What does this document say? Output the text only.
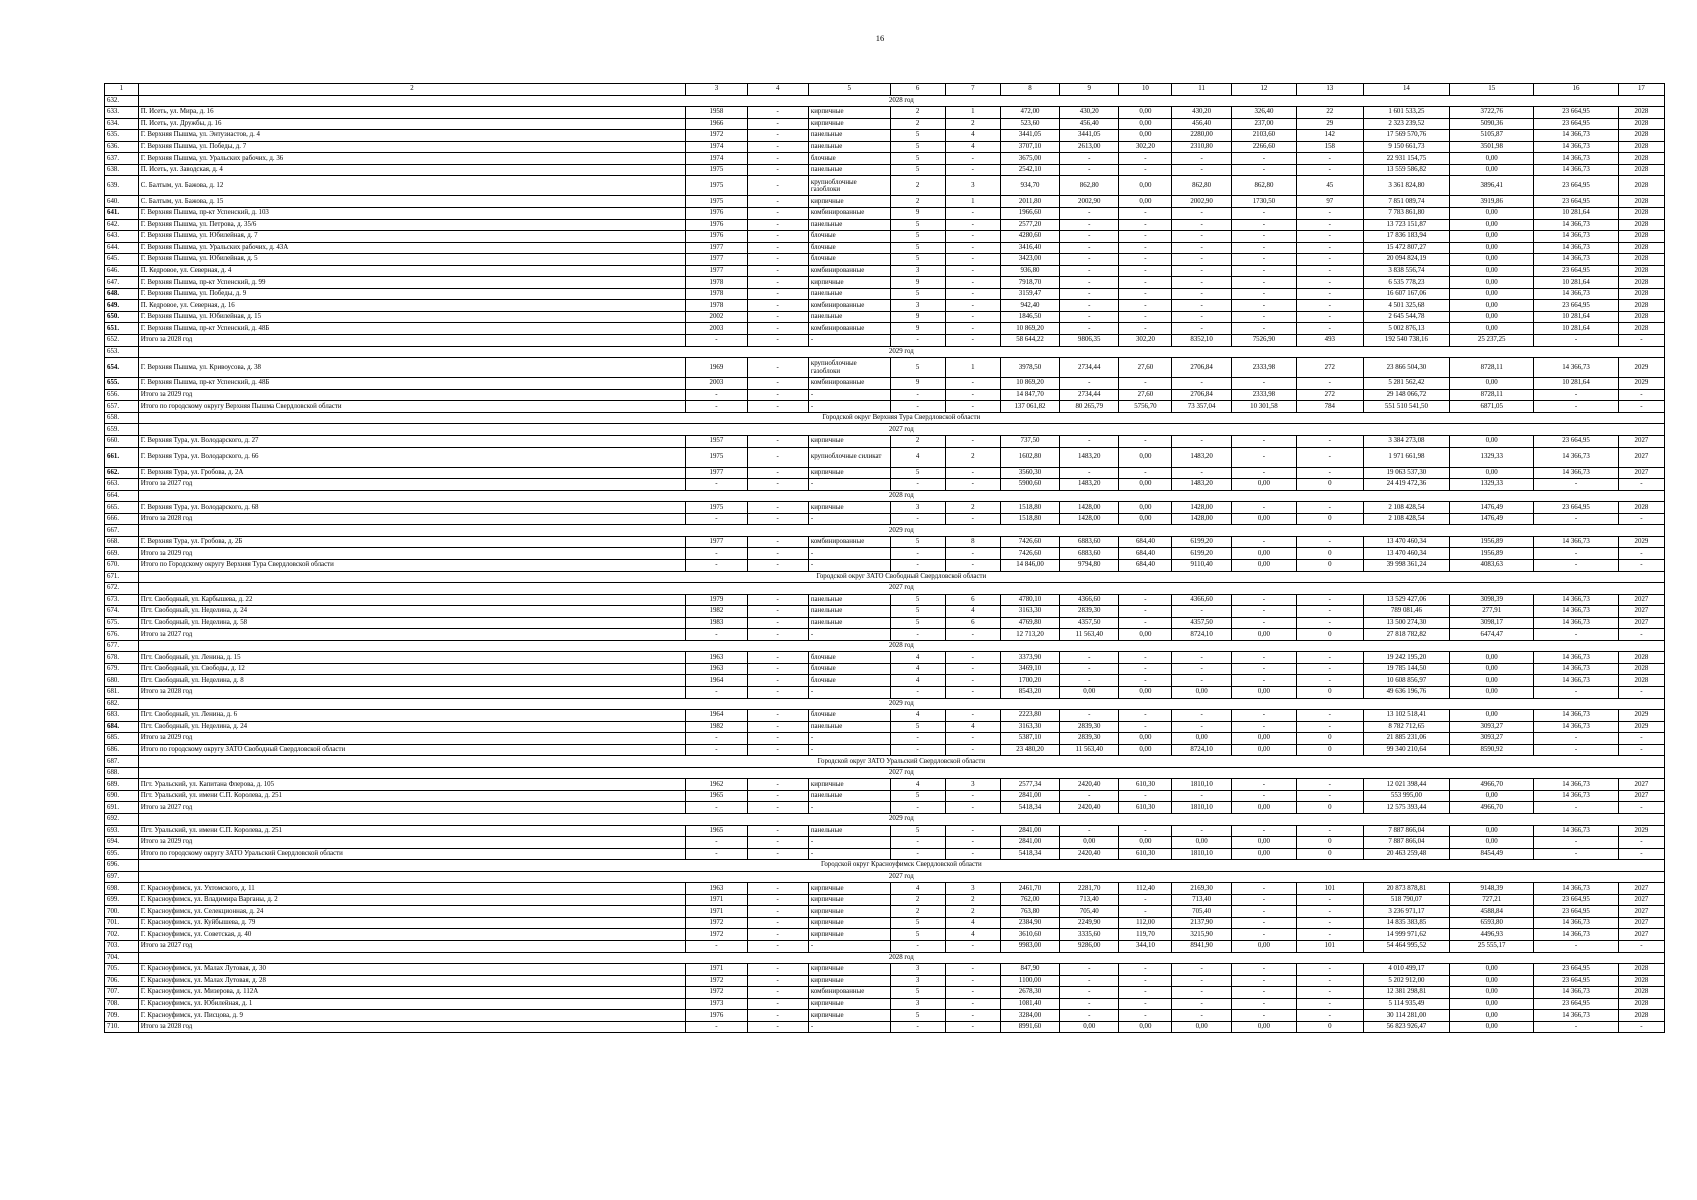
16
1	2	3	4	5	6	7	8	9	10	11	12	13	14	15	16	17
632.	2028 год															
633.	П. Исеть, ул. Мира, д. 16	1958	-	кирпичные	2	1	472,00	430,20	0,00	430,20	326,40	22	1 601 533,25	3722,76	23 664,95	2028
634.	П. Исеть, ул. Дружбы, д. 16	1966	-	кирпичные	2	2	523,60	456,40	0,00	456,40	237,00	29	2 323 239,52	5090,36	23 664,95	2028
635.	Г. Верхняя Пышма, ул. Энтузиастов, д. 4	1972	-	панельные	5	4	3441,05	3441,05	0,00	2280,00	2103,60	142	17 569 570,76	5105,87	14 366,73	2028
636.	Г. Верхняя Пышма, ул. Победы, д. 7	1974	-	панельные	5	4	3707,10	2613,00	302,20	2310,80	2266,60	158	9 150 661,73	3501,98	14 366,73	2028
637.	Г. Верхняя Пышма, ул. Уральских рабочих, д. 36	1974	-	блочные	5	-	3675,00	-	-	-	-	-	22 931 154,75	0,00	14 366,73	2028
638.	П. Исеть, ул. Заводская, д. 4	1975	-	панельные	5	-	2542,10	-	-	-	-	-	13 559 586,82	0,00	14 366,73	2028
639.	С. Балтым, ул. Бажова, д. 12	1975	-	крупноблочные газоблоки	2	3	934,70	862,80	0,00	862,80	862,80	45	3 361 824,80	3896,41	23 664,95	2028
640.	С. Балтым, ул. Бажова, д. 15	1975	-	кирпичные	2	1	2011,80	2002,90	0,00	2002,90	1730,50	97	7 851 089,74	3919,86	23 664,95	2028
641.	Г. Верхняя Пышма, пр-кт Успенский, д. 103	1976	-	комбинированные	9	-	1966,60	-	-	-	-	-	7 783 861,80	0,00	10 281,64	2028
642.	Г. Верхняя Пышма, ул. Петрова, д. 35/6	1976	-	панельные	5	-	2577,20	-	-	-	-	-	13 723 151,87	0,00	14 366,73	2028
643.	Г. Верхняя Пышма, ул. Юбилейная, д. 7	1976	-	блочные	5	-	4280,60	-	-	-	-	-	17 836 183,94	0,00	14 366,73	2028
644.	Г. Верхняя Пышма, ул. Уральских рабочих, д. 43А	1977	-	блочные	5	-	3416,40	-	-	-	-	-	15 472 807,27	0,00	14 366,73	2028
645.	Г. Верхняя Пышма, ул. Юбилейная, д. 5	1977	-	блочные	5	-	3423,00	-	-	-	-	-	20 094 824,19	0,00	14 366,73	2028
646.	П. Кедровое, ул. Северная, д. 4	1977	-	комбинированные	3	-	936,80	-	-	-	-	-	3 838 556,74	0,00	23 664,95	2028
647.	Г. Верхняя Пышма, пр-кт Успенский, д. 99	1978	-	кирпичные	9	-	7918,70	-	-	-	-	-	6 535 778,23	0,00	10 281,64	2028
648.	Г. Верхняя Пышма, ул. Победы, д. 9	1978	-	панельные	5	-	3159,47	-	-	-	-	-	16 607 167,06	0,00	14 366,73	2028
649.	П. Кедровое, ул. Северная, д. 16	1978	-	комбинированные	3	-	942,40	-	-	-	-	-	4 501 325,68	0,00	23 664,95	2028
650.	Г. Верхняя Пышма, ул. Юбилейная, д. 15	2002	-	панельные	9	-	1846,50	-	-	-	-	-	2 645 544,78	0,00	10 281,64	2028
651.	Г. Верхняя Пышма, пр-кт Успенский, д. 48Б	2003	-	комбинированные	9	-	10 869,20	-	-	-	-	-	5 002 876,13	0,00	10 281,64	2028
652.	Итого за 2028 год	-	-	-	-	-	58 644,22	9806,35	302,20	8352,10	7526,90	493	192 540 738,16	25 237,25	-	-
653.	2029 год															
654.	Г. Верхняя Пышма, ул. Кривоусова, д. 38	1969	-	крупноблочные газоблоки	5	1	3978,50	2734,44	27,60	2706,84	2333,98	272	23 866 504,30	8728,11	14 366,73	2029
655.	Г. Верхняя Пышма, пр-кт Успенский, д. 48Б	2003	-	комбинированные	9	-	10 869,20	-	-	-	-	-	5 281 562,42	0,00	10 281,64	2029
656.	Итого за 2029 год	-	-	-	-	-	14 847,70	2734,44	27,60	2706,84	2333,98	272	29 148 066,72	8728,11	-	-
657.	Итого по городскому округу Верхняя Пышма Свердловской области	-	-	-	-	-	137 061,82	80 265,79	5756,70	73 357,04	10 301,58	784	551 510 541,50	6871,05	-	-
658.	Городской округ Верхняя Тура Свердловской области															
659.	2027 год															
660.	Г. Верхняя Тура, ул. Володарского, д. 27	1957	-	кирпичные	2	-	737,50	-	-	-	-	-	3 384 273,08	0,00	23 664,95	2027
661.	Г. Верхняя Тура, ул. Володарского, д. 66	1975	-	крупноблочные силикат	4	2	1602,80	1483,20	0,00	1483,20	-	-	1 971 661,98	1329,33	14 366,73	2027
662.	Г. Верхняя Тура, ул. Гробова, д. 2А	1977	-	кирпичные	5	-	3560,30	-	-	-	-	-	19 063 537,30	0,00	14 366,73	2027
663.	Итого за 2027 год	-	-	-	-	-	5900,60	1483,20	0,00	1483,20	0,00	0	24 419 472,36	1329,33	-	-
664.	2028 год															
665.	Г. Верхняя Тура, ул. Володарского, д. 68	1975	-	кирпичные	3	2	1518,80	1428,00	0,00	1428,00	-	-	2 108 428,54	1476,49	23 664,95	2028
666.	Итого за 2028 год	-	-	-	-	-	1518,80	1428,00	0,00	1428,00	0,00	0	2 108 428,54	1476,49	-	-
667.	2029 год															
668.	Г. Верхняя Тура, ул. Гробова, д. 2Б	1977	-	комбинированные	5	8	7426,60	6883,60	684,40	6199,20	-	-	13 470 460,34	1956,89	14 366,73	2029
669.	Итого за 2029 год	-	-	-	-	-	7426,60	6883,60	684,40	6199,20	0,00	0	13 470 460,34	1956,89	-	-
670.	Итого по Городскому округу Верхняя Тура Свердловской области	-	-	-	-	-	14 846,00	9794,80	684,40	9110,40	0,00	0	39 998 361,24	4083,63	-	-
671.	Городской округ ЗАТО Свободный Свердловской области															
672.	2027 год															
673.	Пгт. Свободный, ул. Карбышева, д. 22	1979	-	панельные	5	6	4780,10	4366,60	-	4366,60	-	-	13 529 427,06	3098,39	14 366,73	2027
674.	Пгт. Свободный, ул. Неделина, д. 24	1982	-	панельные	5	4	3163,30	2839,30	-	-	-	-	789 081,46	277,91	14 366,73	2027
675.	Пгт. Свободный, ул. Неделина, д. 58	1983	-	панельные	5	6	4769,80	4357,50	-	4357,50	-	-	13 500 274,30	3098,17	14 366,73	2027
676.	Итого за 2027 год	-	-	-	-	-	12 713,20	11 563,40	0,00	8724,10	0,00	0	27 818 782,82	6474,47	-	-
677.	2028 год															
678.	Пгт. Свободный, ул. Ленина, д. 15	1963	-	блочные	4	-	3373,90	-	-	-	-	-	19 242 195,20	0,00	14 366,73	2028
679.	Пгт. Свободный, ул. Свободы, д. 12	1963	-	блочные	4	-	3469,10	-	-	-	-	-	19 785 144,50	0,00	14 366,73	2028
680.	Пгт. Свободный, ул. Неделина, д. 8	1964	-	блочные	4	-	1700,20	-	-	-	-	-	10 608 856,97	0,00	14 366,73	2028
681.	Итого за 2028 год	-	-	-	-	-	8543,20	0,00	0,00	0,00	0,00	0	49 636 196,76	0,00	-	-
682.	2029 год															
683.	Пгт. Свободный, ул. Ленина, д. 6	1964	-	блочные	4	-	2223,80	-	-	-	-	-	13 102 518,41	0,00	14 366,73	2029
684.	Пгт. Свободный, ул. Неделина, д. 24	1982	-	панельные	5	4	3163,30	2839,30	-	-	-	-	8 782 712,65	3093,27	14 366,73	2029
685.	Итого за 2029 год	-	-	-	-	-	5387,10	2839,30	0,00	0,00	0,00	0	21 885 231,06	3093,27	-	-
686.	Итого по городскому округу ЗАТО Свободный Свердловской области	-	-	-	-	-	23 480,20	11 563,40	0,00	8724,10	0,00	0	99 340 210,64	8590,92	-	-
687.	Городской округ ЗАТО Уральский Свердловской области															
688.	2027 год															
689.	Пгт. Уральский, ул. Капитана Флерова, д. 105	1962	-	кирпичные	4	3	2577,34	2420,40	610,30	1810,10	-	-	12 021 398,44	4966,70	14 366,73	2027
690.	Пгт. Уральский, ул. имени С.П. Королева, д. 251	1965	-	панельные	5	-	2841,00	-	-	-	-	-	553 995,00	0,00	14 366,73	2027
691.	Итого за 2027 год	-	-	-	-	-	5418,34	2420,40	610,30	1810,10	0,00	0	12 575 393,44	4966,70	-	-
692.	2029 год															
693.	Пгт. Уральский, ул. имени С.П. Королева, д. 251	1965	-	панельные	5	-	2841,00	-	-	-	-	-	7 887 866,04	0,00	14 366,73	2029
694.	Итого за 2029 год	-	-	-	-	-	2841,00	0,00	0,00	0,00	0,00	0	7 887 866,04	0,00	-	-
695.	Итого по городскому округу ЗАТО Уральский Свердловской области	-	-	-	-	-	5418,34	2420,40	610,30	1810,10	0,00	0	20 463 259,48	8454,49	-	-
696.	Городской округ Красноуфимск Свердловской области															
697.	2027 год															
698.	Г. Красноуфимск, ул. Ухтомского, д. 11	1963	-	кирпичные	4	3	2461,70	2281,70	112,40	2169,30	-	101	20 873 878,81	9148,39	14 366,73	2027
699.	Г. Красноуфимск, ул. Владимира Варганы, д. 2	1971	-	кирпичные	2	2	762,00	713,40	-	713,40	-	-	518 790,07	727,21	23 664,95	2027
700.	Г. Красноуфимск, ул. Селекционная, д. 24	1971	-	кирпичные	2	2	763,80	705,40	-	705,40	-	-	3 236 971,17	4588,84	23 664,95	2027
701.	Г. Красноуфимск, ул. Куйбышева, д. 79	1972	-	кирпичные	5	4	2384,90	2249,90	112,00	2137,90	-	-	14 835 383,85	6593,80	14 366,73	2027
702.	Г. Красноуфимск, ул. Советская, д. 40	1972	-	кирпичные	5	4	3610,60	3335,60	119,70	3215,90	-	-	14 999 971,62	4496,93	14 366,73	2027
703.	Итого за 2027 год	-	-	-	-	-	9983,00	9286,00	344,10	8941,90	0,00	101	54 464 995,52	25 555,17	-	-
704.	2028 год															
705.	Г. Красноуфимск, ул. Малах Лутовая, д. 30	1971	-	кирпичные	3	-	847,90	-	-	-	-	-	4 010 499,17	0,00	23 664,95	2028
706.	Г. Красноуфимск, ул. Малах Лутовая, д. 28	1972	-	кирпичные	3	-	1100,00	-	-	-	-	-	5 202 912,00	0,00	23 664,95	2028
707.	Г. Красноуфимск, ул. Мизерова, д. 112А	1972	-	комбинированные	5	-	2678,30	-	-	-	-	-	12 381 298,81	0,00	14 366,73	2028
708.	Г. Красноуфимск, ул. Юбилейная, д. 1	1973	-	кирпичные	3	-	1081,40	-	-	-	-	-	5 114 935,49	0,00	23 664,95	2028
709.	Г. Красноуфимск, ул. Писцова, д. 9	1976	-	кирпичные	5	-	3284,00	-	-	-	-	-	30 114 281,00	0,00	14 366,73	2028
710.	Итого за 2028 год	-	-	-	-	-	8991,60	0,00	0,00	0,00	0,00	0	56 823 926,47	0,00	-	-
